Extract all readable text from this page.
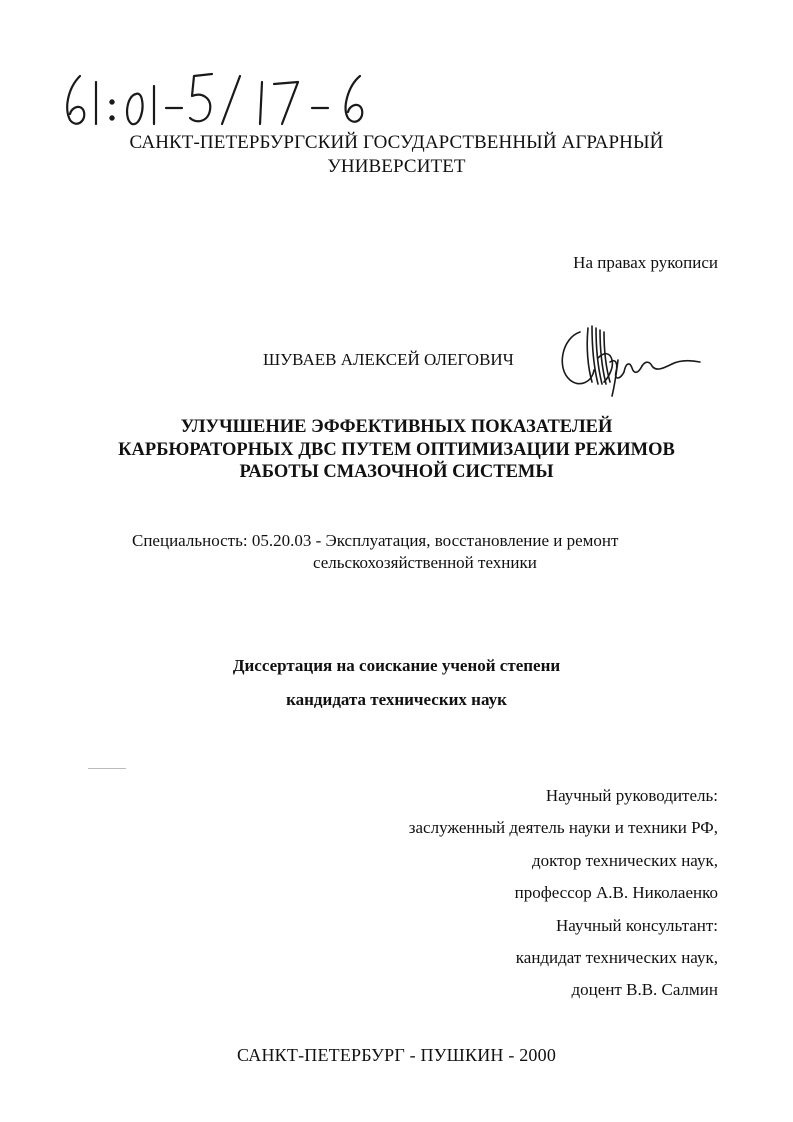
САНКТ-ПЕТЕРБУРГСКИЙ ГОСУДАРСТВЕННЫЙ АГРАРНЫЙ
УНИВЕРСИТЕТ
На правах рукописи
ШУВАЕВ АЛЕКСЕЙ ОЛЕГОВИЧ
УЛУЧШЕНИЕ ЭФФЕКТИВНЫХ ПОКАЗАТЕЛЕЙ
КАРБЮРАТОРНЫХ ДВС ПУТЕМ ОПТИМИЗАЦИИ РЕЖИМОВ
РАБОТЫ СМАЗОЧНОЙ СИСТЕМЫ
Специальность: 05.20.03 - Эксплуатация, восстановление и ремонт
сельскохозяйственной техники
Диссертация на соискание ученой степени
кандидата технических наук
Научный руководитель:
заслуженный деятель науки и техники РФ,
доктор технических наук,
профессор А.В. Николаенко
Научный консультант:
кандидат технических наук,
доцент В.В. Салмин
САНКТ-ПЕТЕРБУРГ - ПУШКИН - 2000
